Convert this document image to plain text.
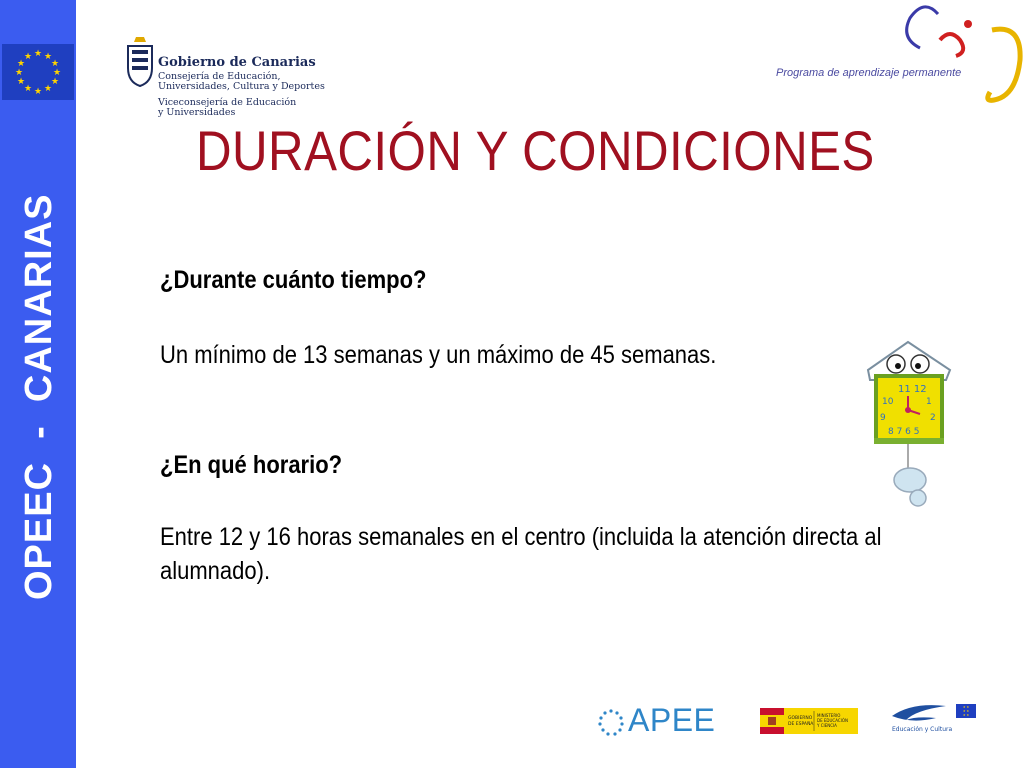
★ ★
★
★
★
★
★
★
★
★
★
★
OPEEC  -  CANARIAS
Gobierno de Canarias
Consejería de Educación,
Universidades, Cultura y Deportes
Viceconsejería de Educación
y Universidades
Programa de aprendizaje permanente
DURACIÓN Y CONDICIONES
¿Durante cuánto tiempo?
Un mínimo de 13 semanas y un máximo de 45 semanas.
¿En qué horario?
Entre 12 y 16 horas semanales en el centro (incluida la atención directa al alumnado).
11 12
10	1
9	2
8 7 6 5
APEE	GOBIERNO
DE ESPAÑA
MINISTERIO
DE EDUCACIÓN
Y CIENCIA
★ ★
★ ★
★ ★
Educación y Cultura
